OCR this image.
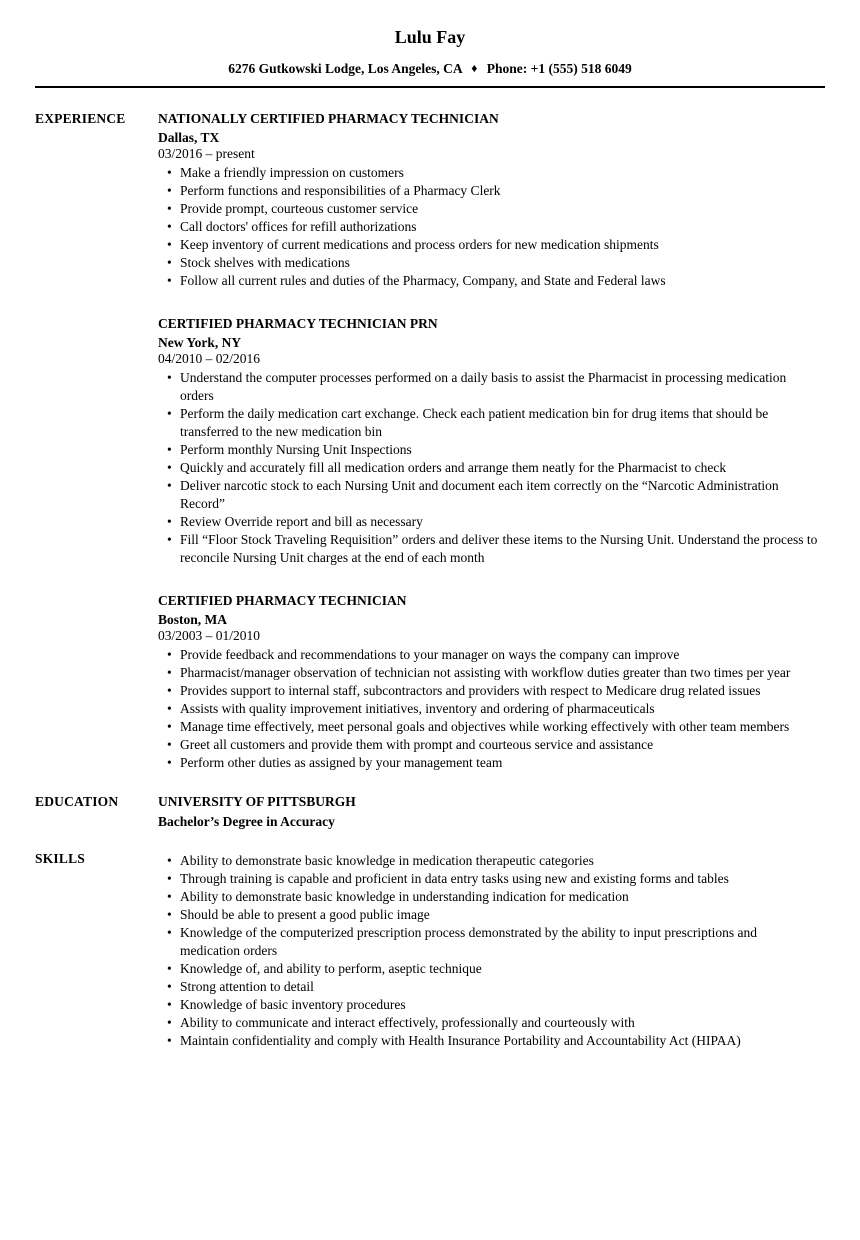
Lulu Fay
6276 Gutkowski Lodge, Los Angeles, CA ♦ Phone: +1 (555) 518 6049
EXPERIENCE	NATIONALLY CERTIFIED PHARMACY TECHNICIAN
Dallas, TX
03/2016 – present
• Make a friendly impression on customers
• Perform functions and responsibilities of a Pharmacy Clerk
• Provide prompt, courteous customer service
• Call doctors' offices for refill authorizations
• Keep inventory of current medications and process orders for new medication shipments
• Stock shelves with medications
• Follow all current rules and duties of the Pharmacy, Company, and State and Federal laws
CERTIFIED PHARMACY TECHNICIAN PRN
New York, NY
04/2010 – 02/2016
• Understand the computer processes performed on a daily basis to assist the Pharmacist in processing medication orders
• Perform the daily medication cart exchange. Check each patient medication bin for drug items that should be transferred to the new medication bin
• Perform monthly Nursing Unit Inspections
• Quickly and accurately fill all medication orders and arrange them neatly for the Pharmacist to check
• Deliver narcotic stock to each Nursing Unit and document each item correctly on the “Narcotic Administration Record”
• Review Override report and bill as necessary
• Fill “Floor Stock Traveling Requisition” orders and deliver these items to the Nursing Unit. Understand the process to reconcile Nursing Unit charges at the end of each month
CERTIFIED PHARMACY TECHNICIAN
Boston, MA
03/2003 – 01/2010
• Provide feedback and recommendations to your manager on ways the company can improve
• Pharmacist/manager observation of technician not assisting with workflow duties greater than two times per year
• Provides support to internal staff, subcontractors and providers with respect to Medicare drug related issues
• Assists with quality improvement initiatives, inventory and ordering of pharmaceuticals
• Manage time effectively, meet personal goals and objectives while working effectively with other team members
• Greet all customers and provide them with prompt and courteous service and assistance
• Perform other duties as assigned by your management team
EDUCATION	UNIVERSITY OF PITTSBURGH
Bachelor’s Degree in Accuracy
SKILLS	• Ability to demonstrate basic knowledge in medication therapeutic categories
• Through training is capable and proficient in data entry tasks using new and existing forms and tables
• Ability to demonstrate basic knowledge in understanding indication for medication
• Should be able to present a good public image
• Knowledge of the computerized prescription process demonstrated by the ability to input prescriptions and medication orders
• Knowledge of, and ability to perform, aseptic technique
• Strong attention to detail
• Knowledge of basic inventory procedures
• Ability to communicate and interact effectively, professionally and courteously with
• Maintain confidentiality and comply with Health Insurance Portability and Accountability Act (HIPAA)
